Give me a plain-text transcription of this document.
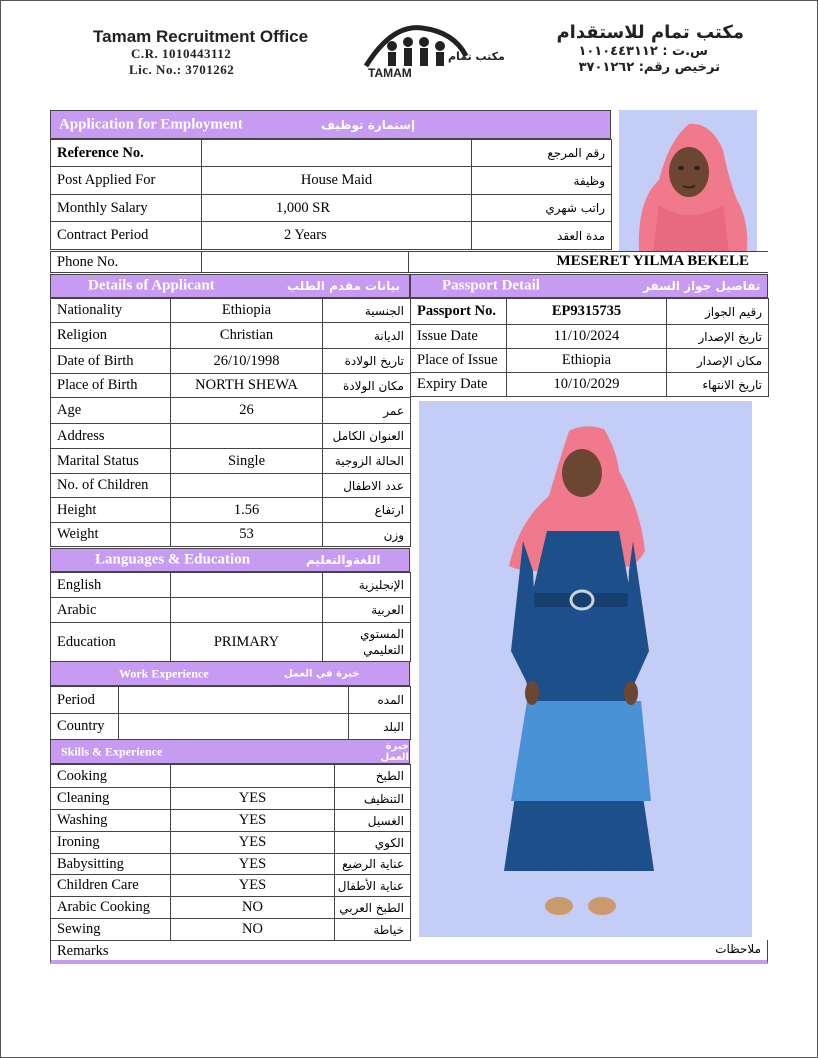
Tamam Recruitment Office
C.R. 1010443112
Lic. No.: 3701262
مكتب تمام
TAMAM
مكتب تمام للاستقدام
س.ت : ١٠١٠٤٤٣١١٢
ترخيص رقم: ٣٧٠١٢٦٢
Application for Employment	إستمارة توظيف
Reference No.		رقم المرجع
Post Applied For	House Maid	وظيفة
Monthly Salary	1,000 SR	راتب شهري
Contract Period	2 Years	مدة العقد
Phone No.	MESERET YILMA BEKELE
Details of Applicant	بيانات مقدم الطلب
Nationality	Ethiopia	الجنسية
Religion	Christian	الديانة
Date of Birth	26/10/1998	تاريخ الولادة
Place of Birth	NORTH SHEWA	مكان الولادة
Age	26	عمر
Address		العنوان الكامل
Marital Status	Single	الحالة الزوجية
No. of Children		عدد الاطفال
Height	1.56	ارتفاع
Weight	53	وزن
Passport Detail	تفاصيل جواز السفر
Passport No.	EP9315735	رقيم الجواز
Issue Date	11/10/2024	تاريخ الإصدار
Place of Issue	Ethiopia	مكان الإصدار
Expiry Date	10/10/2029	تاريخ الانتهاء
Languages & Education	اللغةوالتعليم
English		الإنجليزية
Arabic		العربية
Education	PRIMARY	المستوي التعليمي
Work Experience	خبرة في العمل
Period		المده
Country		البلد
Skills & Experience	خبرة العمل
Cooking		الطبخ
Cleaning	YES	التنظيف
Washing	YES	الغسيل
Ironing	YES	الكوي
Babysitting	YES	عناية الرضيع
Children Care	YES	عناية الأطفال
Arabic Cooking	NO	الطبخ العربي
Sewing	NO	خياطة
Remarks	ملاحظات
